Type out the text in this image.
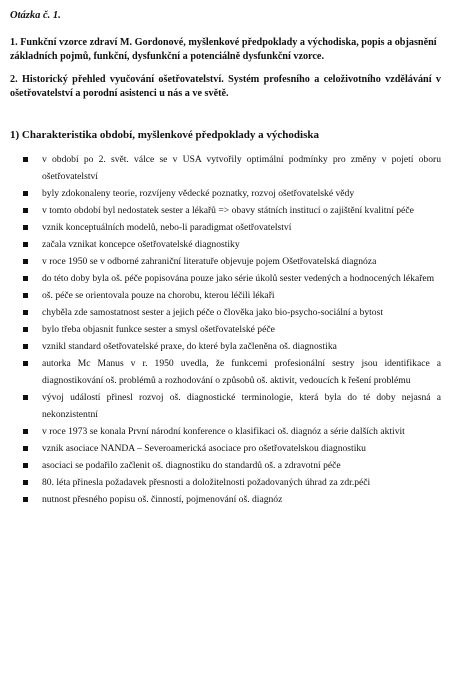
Otázka č. 1.
1. Funkční vzorce zdraví M. Gordonové, myšlenkové předpoklady a východiska, popis a objasnění základních pojmů, funkční, dysfunkční a potenciálně dysfunkční vzorce.
2. Historický přehled vyučování ošetřovatelství. Systém profesního a celoživotního vzdělávání v ošetřovatelství a porodní asistenci u nás a ve světě.
1) Charakteristika období, myšlenkové předpoklady a východiska
v období po 2. svět. válce se v USA vytvořily optimální podmínky pro změny v pojetí oboru ošetřovatelství
byly zdokonaleny teorie, rozvíjeny vědecké poznatky, rozvoj ošetřovatelské vědy
v tomto období byl nedostatek sester a lékařů => obavy státních institucí o zajištění kvalitní péče
vznik konceptuálních modelů, nebo-li paradigmat ošetřovatelství
začala vznikat koncepce ošetřovatelské diagnostiky
v roce 1950 se v odborné zahraniční literatuře objevuje pojem Ošetřovatelská diagnóza
do této doby byla oš. péče popisována pouze jako série úkolů sester vedených a hodnocených lékařem
oš. péče se orientovala pouze na chorobu, kterou léčili lékaři
chyběla zde samostatnost sester a jejich péče o člověka jako bio-psycho-sociální a bytost
bylo třeba objasnit funkce sester a smysl ošetřovatelské péče
vznikl standard ošetřovatelské praxe, do které byla začleněna oš. diagnostika
autorka Mc Manus v r. 1950 uvedla, že funkcemi profesionální sestry jsou identifikace a diagnostikování oš. problémů a rozhodování o způsobů oš. aktivit, vedoucích k řešení problému
vývoj událostí přinesl rozvoj oš. diagnostické terminologie, která byla do té doby nejasná a nekonzistentní
v roce 1973 se konala První národní konference o klasifikaci oš. diagnóz a série dalších aktivit
vznik asociace NANDA – Severoamerická asociace pro ošetřovatelskou diagnostiku
asociaci se podařilo začlenit oš. diagnostiku do standardů oš. a zdravotní péče
80. léta přinesla požadavek přesnosti a doložitelnosti požadovaných úhrad za zdr.péči
nutnost přesného popisu oš. činností, pojmenování oš. diagnóz
